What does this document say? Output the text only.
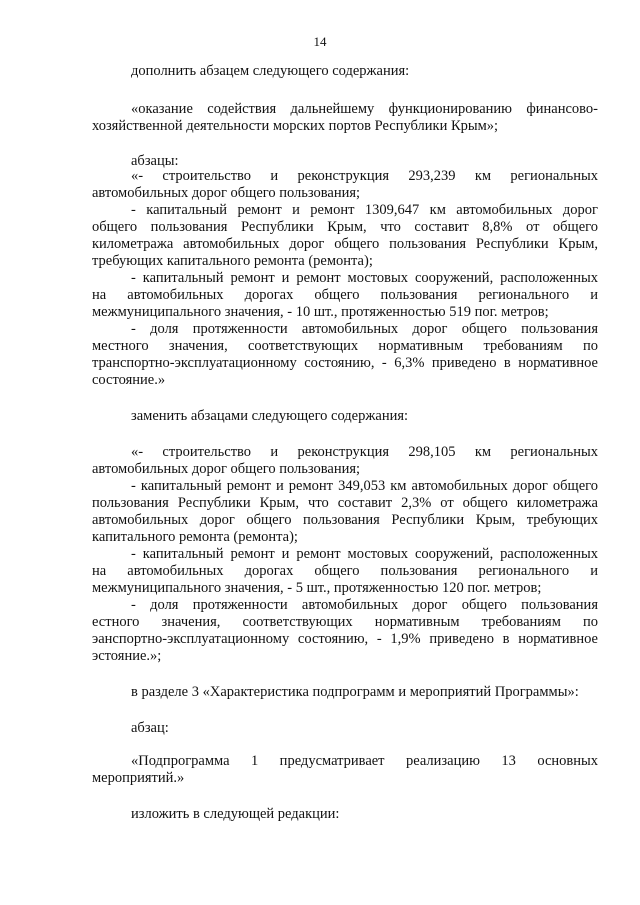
14
дополнить абзацем следующего содержания:
«оказание содействия дальнейшему функционированию финансово-
хозяйственной деятельности морских портов Республики Крым»;
абзацы:
«- строительство и реконструкция 293,239 км региональных
автомобильных дорог общего пользования;
- капитальный ремонт и ремонт 1309,647 км автомобильных дорог
общего пользования Республики Крым, что составит 8,8% от общего
километража автомобильных дорог общего пользования Республики Крым,
требующих капитального ремонта (ремонта);
- капитальный ремонт и ремонт мостовых сооружений, расположенных
на автомобильных дорогах общего пользования регионального и
межмуниципального значения, - 10 шт., протяженностью 519 пог. метров;
- доля протяженности автомобильных дорог общего пользования
местного значения, соответствующих нормативным требованиям по
транспортно-эксплуатационному состоянию, - 6,3% приведено в нормативное
состояние.»
заменить абзацами следующего содержания:
«- строительство и реконструкция 298,105 км региональных
автомобильных дорог общего пользования;
- капитальный ремонт и ремонт 349,053 км автомобильных дорог общего
пользования Республики Крым, что составит 2,3% от общего километража
автомобильных дорог общего пользования Республики Крым, требующих
капитального ремонта (ремонта);
- капитальный ремонт и ремонт мостовых сооружений, расположенных
на автомобильных дорогах общего пользования регионального и
межмуниципального значения, - 5 шт., протяженностью 120 пог. метров;
- доля протяженности автомобильных дорог общего пользования
естного значения, соответствующих нормативным требованиям по
эанспортно-эксплуатационному состоянию, - 1,9% приведено в нормативное
эстояние.»;
в разделе 3 «Характеристика подпрограмм и мероприятий Программы»:
абзац:
«Подпрограмма 1 предусматривает реализацию 13 основных
мероприятий.»
изложить в следующей редакции:
